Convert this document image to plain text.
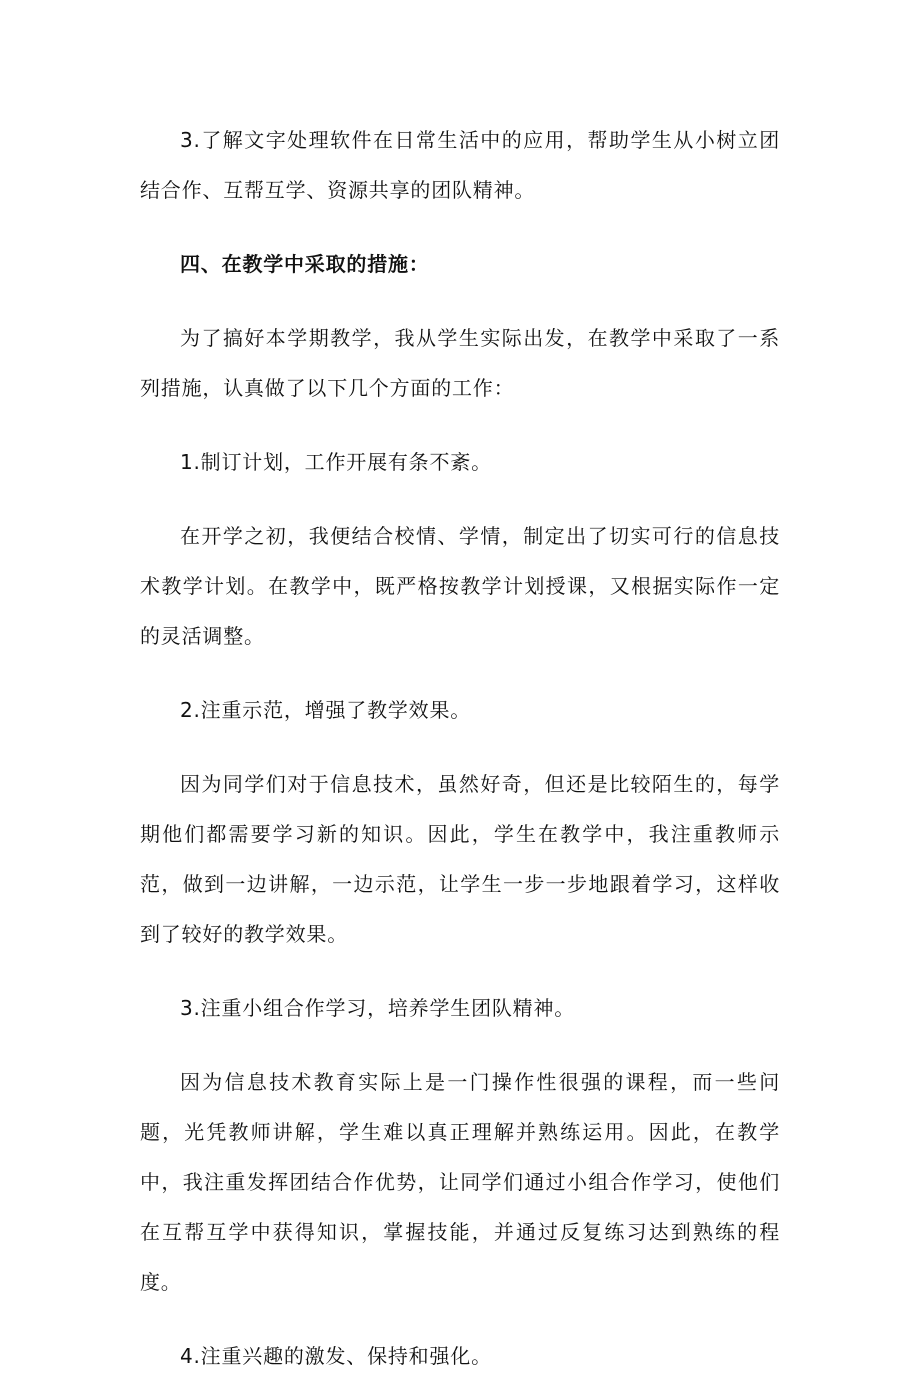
3.了解文字处理软件在日常生活中的应用，帮助学生从小树立团结合作、互帮互学、资源共享的团队精神。

四、在教学中采取的措施：

为了搞好本学期教学，我从学生实际出发，在教学中采取了一系列措施，认真做了以下几个方面的工作：

1.制订计划，工作开展有条不紊。

在开学之初，我便结合校情、学情，制定出了切实可行的信息技术教学计划。在教学中，既严格按教学计划授课，又根据实际作一定的灵活调整。

2.注重示范，增强了教学效果。

因为同学们对于信息技术，虽然好奇，但还是比较陌生的，每学期他们都需要学习新的知识。因此，学生在教学中，我注重教师示范，做到一边讲解，一边示范，让学生一步一步地跟着学习，这样收到了较好的教学效果。

3.注重小组合作学习，培养学生团队精神。

因为信息技术教育实际上是一门操作性很强的课程，而一些问题，光凭教师讲解，学生难以真正理解并熟练运用。因此，在教学中，我注重发挥团结合作优势，让同学们通过小组合作学习，使他们在互帮互学中获得知识，掌握技能，并通过反复练习达到熟练的程度。

4.注重兴趣的激发、保持和强化。
